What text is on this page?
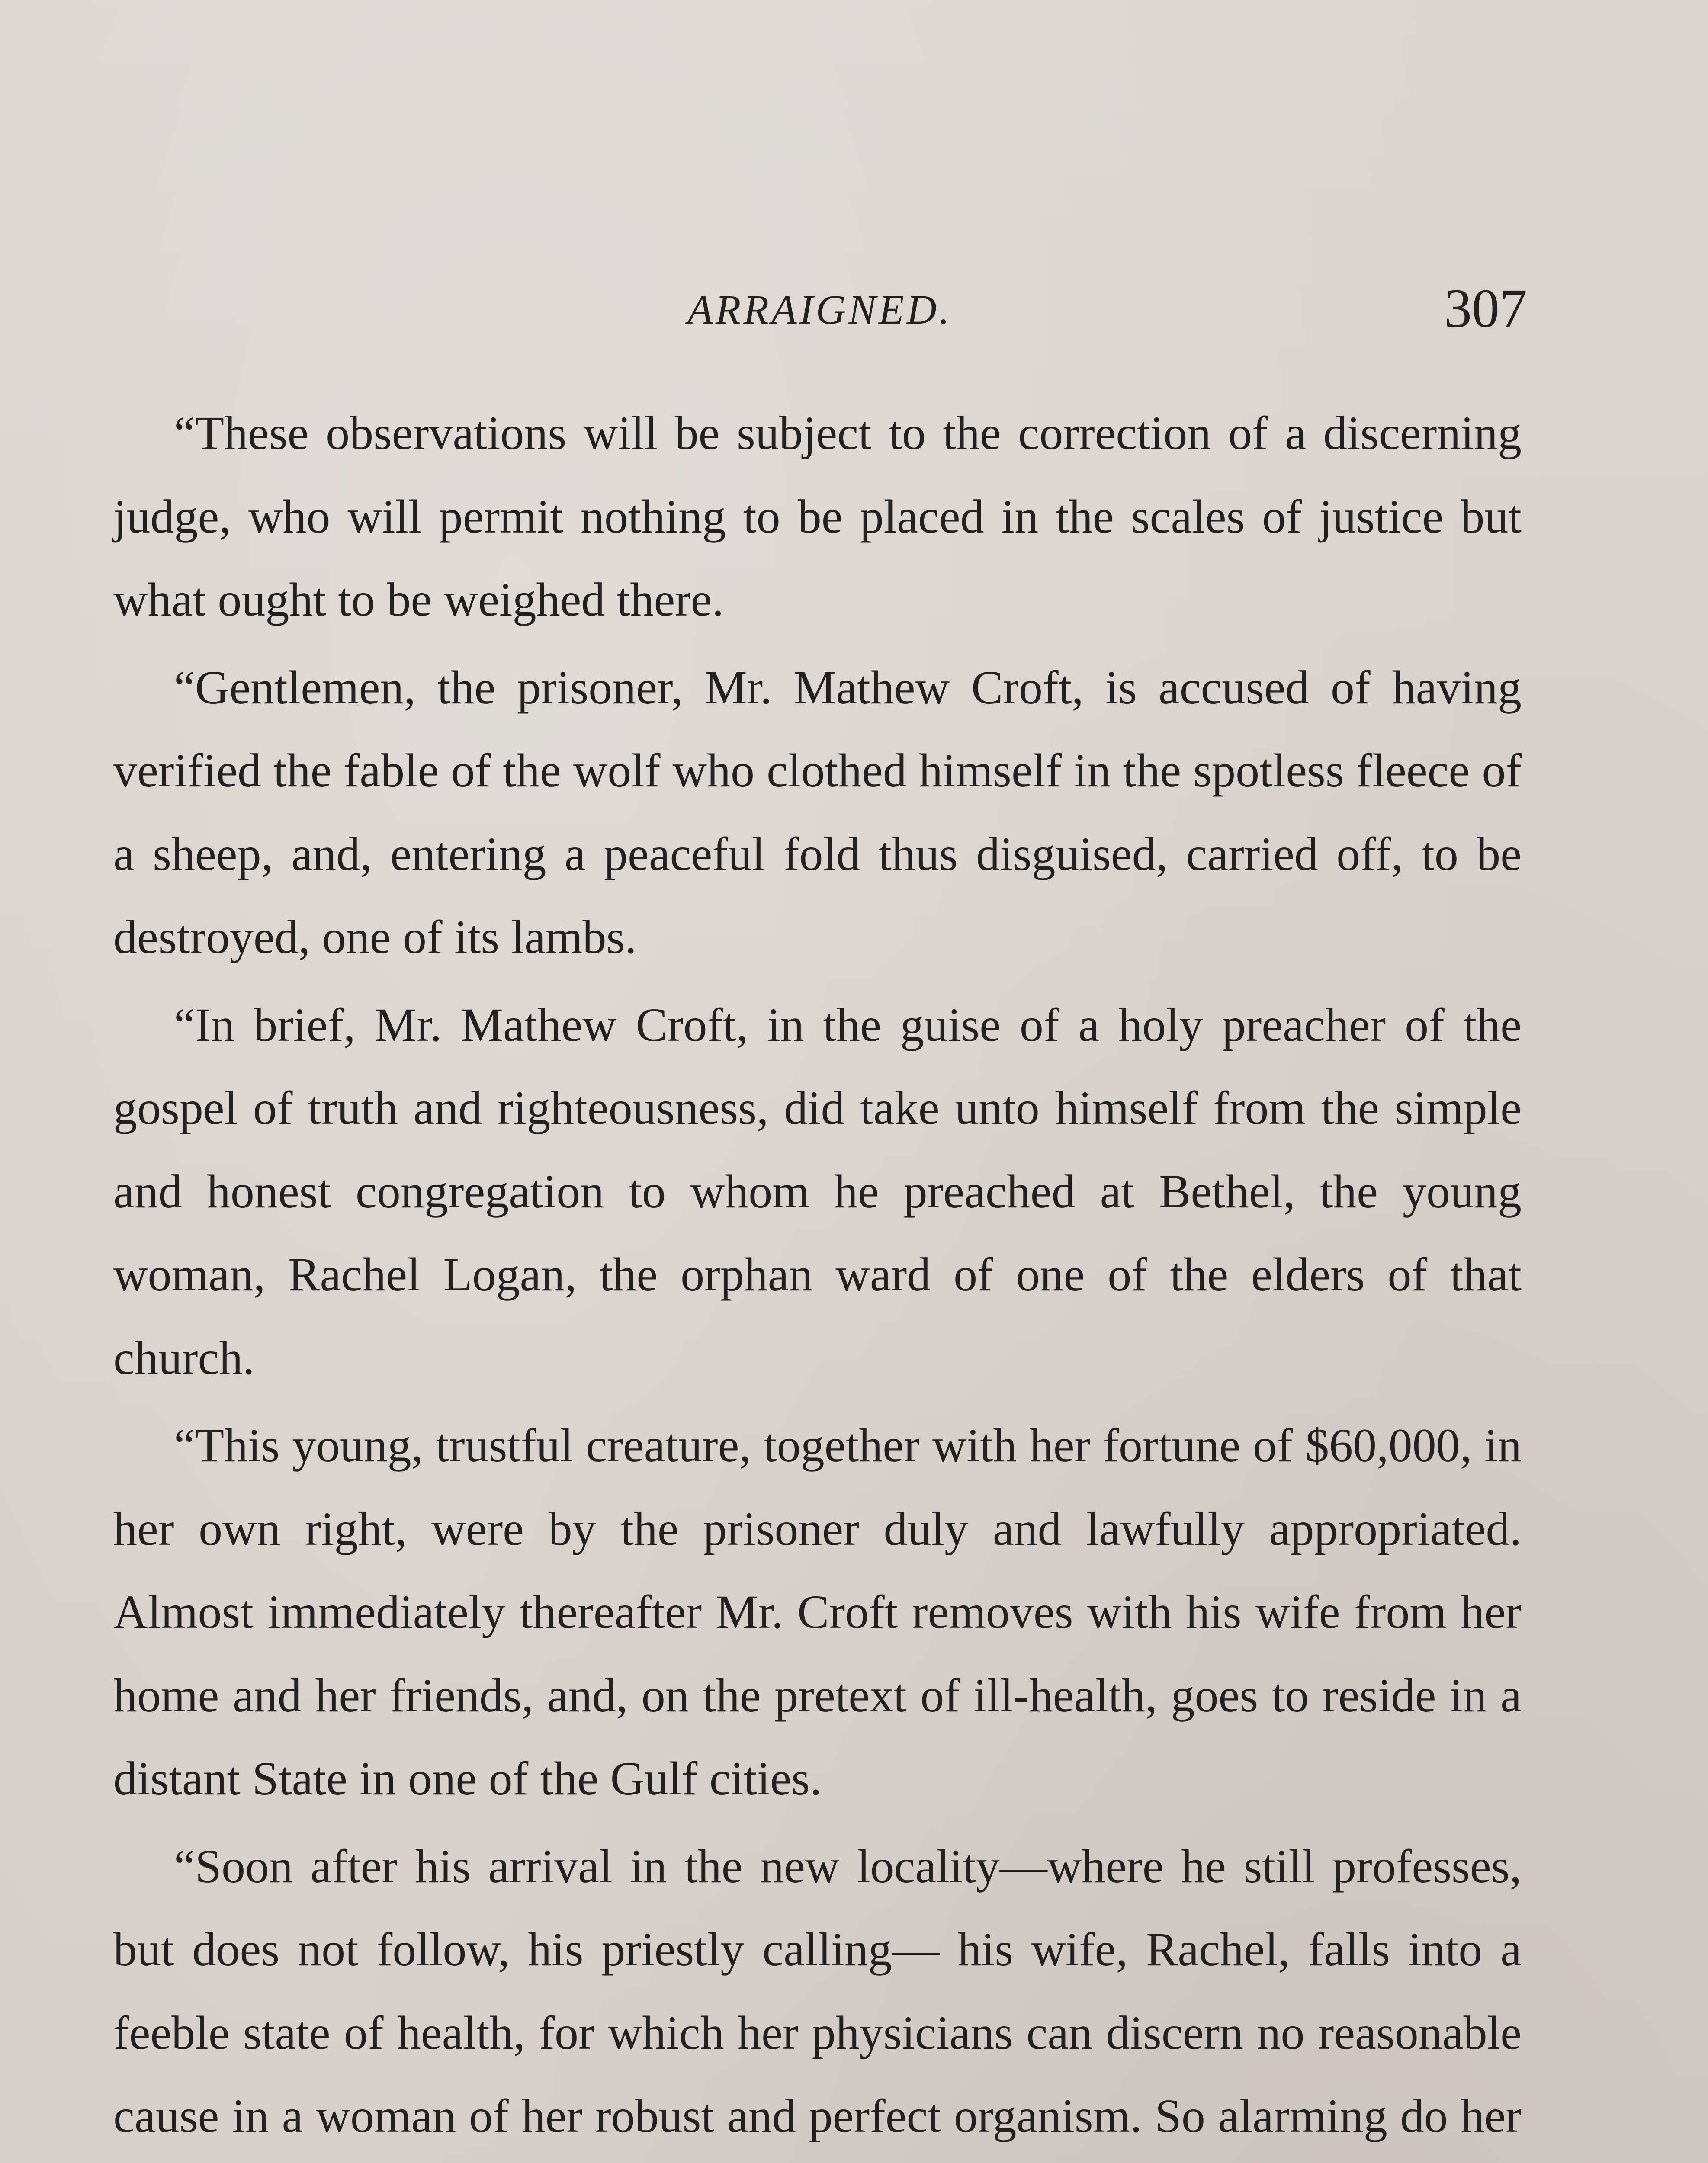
ARRAIGNED.	307

“These observations will be subject to the correction of a discerning judge, who will permit nothing to be placed in the scales of justice but what ought to be weighed there.

“Gentlemen, the prisoner, Mr. Mathew Croft, is accused of having verified the fable of the wolf who clothed himself in the spotless fleece of a sheep, and, entering a peaceful fold thus disguised, carried off, to be destroyed, one of its lambs.

“In brief, Mr. Mathew Croft, in the guise of a holy preacher of the gospel of truth and righteousness, did take unto himself from the simple and honest congregation to whom he preached at Bethel, the young woman, Rachel Logan, the orphan ward of one of the elders of that church.

“This young, trustful creature, together with her fortune of $60,000, in her own right, were by the prisoner duly and lawfully appropriated. Almost immediately thereafter Mr. Croft removes with his wife from her home and her friends, and, on the pretext of ill-health, goes to reside in a distant State in one of the Gulf cities.

“Soon after his arrival in the new locality—where he still professes, but does not follow, his priestly calling— his wife, Rachel, falls into a feeble state of health, for which her physicians can discern no reasonable cause in a woman of her robust and perfect organism. So alarming do her
